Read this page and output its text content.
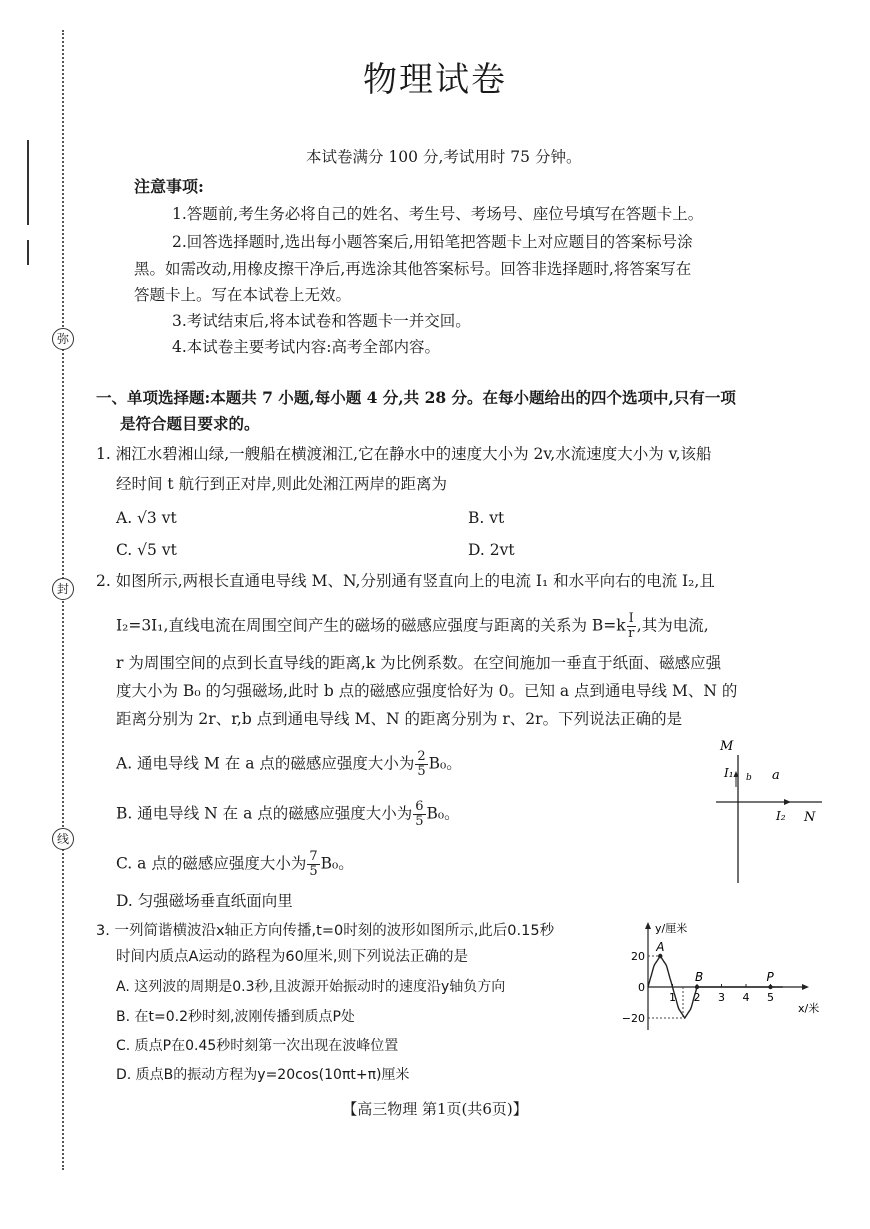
弥
封
线
物理试卷
本试卷满分 100 分,考试用时 75 分钟。
注意事项:
1.答题前,考生务必将自己的姓名、考生号、考场号、座位号填写在答题卡上。
2.回答选择题时,选出每小题答案后,用铅笔把答题卡上对应题目的答案标号涂
黑。如需改动,用橡皮擦干净后,再选涂其他答案标号。回答非选择题时,将答案写在
答题卡上。写在本试卷上无效。
3.考试结束后,将本试卷和答题卡一并交回。
4.本试卷主要考试内容:高考全部内容。
一、单项选择题:本题共 7 小题,每小题 4 分,共 28 分。在每小题给出的四个选项中,只有一项
是符合题目要求的。
1. 湘江水碧湘山绿,一艘船在横渡湘江,它在静水中的速度大小为 2v,水流速度大小为 v,该船
经时间 t 航行到正对岸,则此处湘江两岸的距离为
A. √3 vt	B. vt
C. √5 vt	D. 2vt
2. 如图所示,两根长直通电导线 M、N,分别通有竖直向上的电流 I₁ 和水平向右的电流 I₂,且
I₂=3I₁,直线电流在周围空间产生的磁场的磁感应强度与距离的关系为 $B=k \frac{I}{r}$ ,其为电流,
r 为周围空间的点到长直导线的距离,k 为比例系数。在空间施加一垂直于纸面、磁感应强
度大小为 B₀ 的匀强磁场,此时 b 点的磁感应强度恰好为 0。已知 a 点到通电导线 M、N 的
距离分别为 2r、r,b 点到通电导线 M、N 的距离分别为 r、2r。下列说法正确的是
A. 通电导线 M 在 a 点的磁感应强度大小为 $\frac{2}{5} B_0$。
B. 通电导线 N 在 a 点的磁感应强度大小为 $\frac{6}{5} B_0$。
C. a 点的磁感应强度大小为 $\frac{7}{5} B_0$。
D. 匀强磁场垂直纸面向里
M
I₁ b a
I₂ N
3. 一列简谐横波沿x轴正方向传播,t=0时刻的波形如图所示,此后0.15秒
时间内质点A运动的路程为60厘米,则下列说法正确的是
A. 这列波的周期是0.3秒,且波源开始振动时的速度沿y轴负方向
B. 在t=0.2秒时刻,波刚传播到质点P处
C. 质点P在0.45秒时刻第一次出现在波峰位置
D. 质点B的振动方程为y=20cos(10πt+π)厘米
y/厘米
x/米
20
0
−20
1 2 3 4 5
A
B	P
【高三物理 第1页(共6页)】
